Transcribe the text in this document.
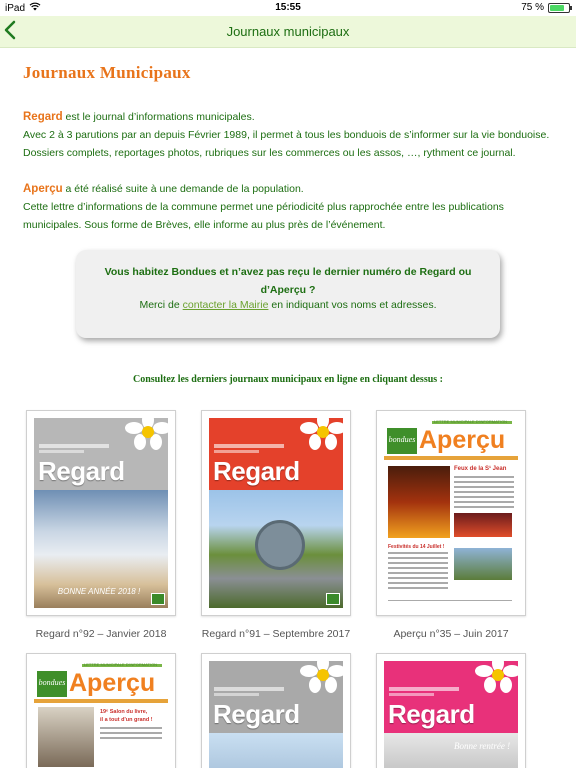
iPad	15:55	75 %
Journaux municipaux
Journaux Municipaux
Regard est le journal d’informations municipales.
Avec 2 à 3 parutions par an depuis Février 1989, il permet à tous les bonduois de s’informer sur la vie bonduoise.
Dossiers complets, reportages photos, rubriques sur les commerces ou les assos, …, rythment ce journal.
Aperçu a été réalisé suite à une demande de la population.
Cette lettre d’informations de la commune permet une périodicité plus rapprochée entre les publications
municipales. Sous forme de Brèves, elle informe au plus près de l’événement.
Vous habitez Bondues et n’avez pas reçu le dernier numéro de Regard ou d’Aperçu ?
Merci de contacter la Mairie en indiquant vos noms et adresses.
Consultez les derniers journaux municipaux en ligne en cliquant dessus :
Regard
BONNE ANNÉE 2018 !
Regard n°92 – Janvier 2018
Regard
Regard n°91 – Septembre 2017
LETTRE MUNICIPALE D'INFORMATION
bondues Aperçu
Feux de la S¹ Jean
Festivités du 14 Juillet !
Aperçu n°35 – Juin 2017
LETTRE MUNICIPALE D'INFORMATION
bondues Aperçu
19ᵉ Salon du livre,
il a tout d'un grand ! Regard	Regard
Bonne rentrée !
